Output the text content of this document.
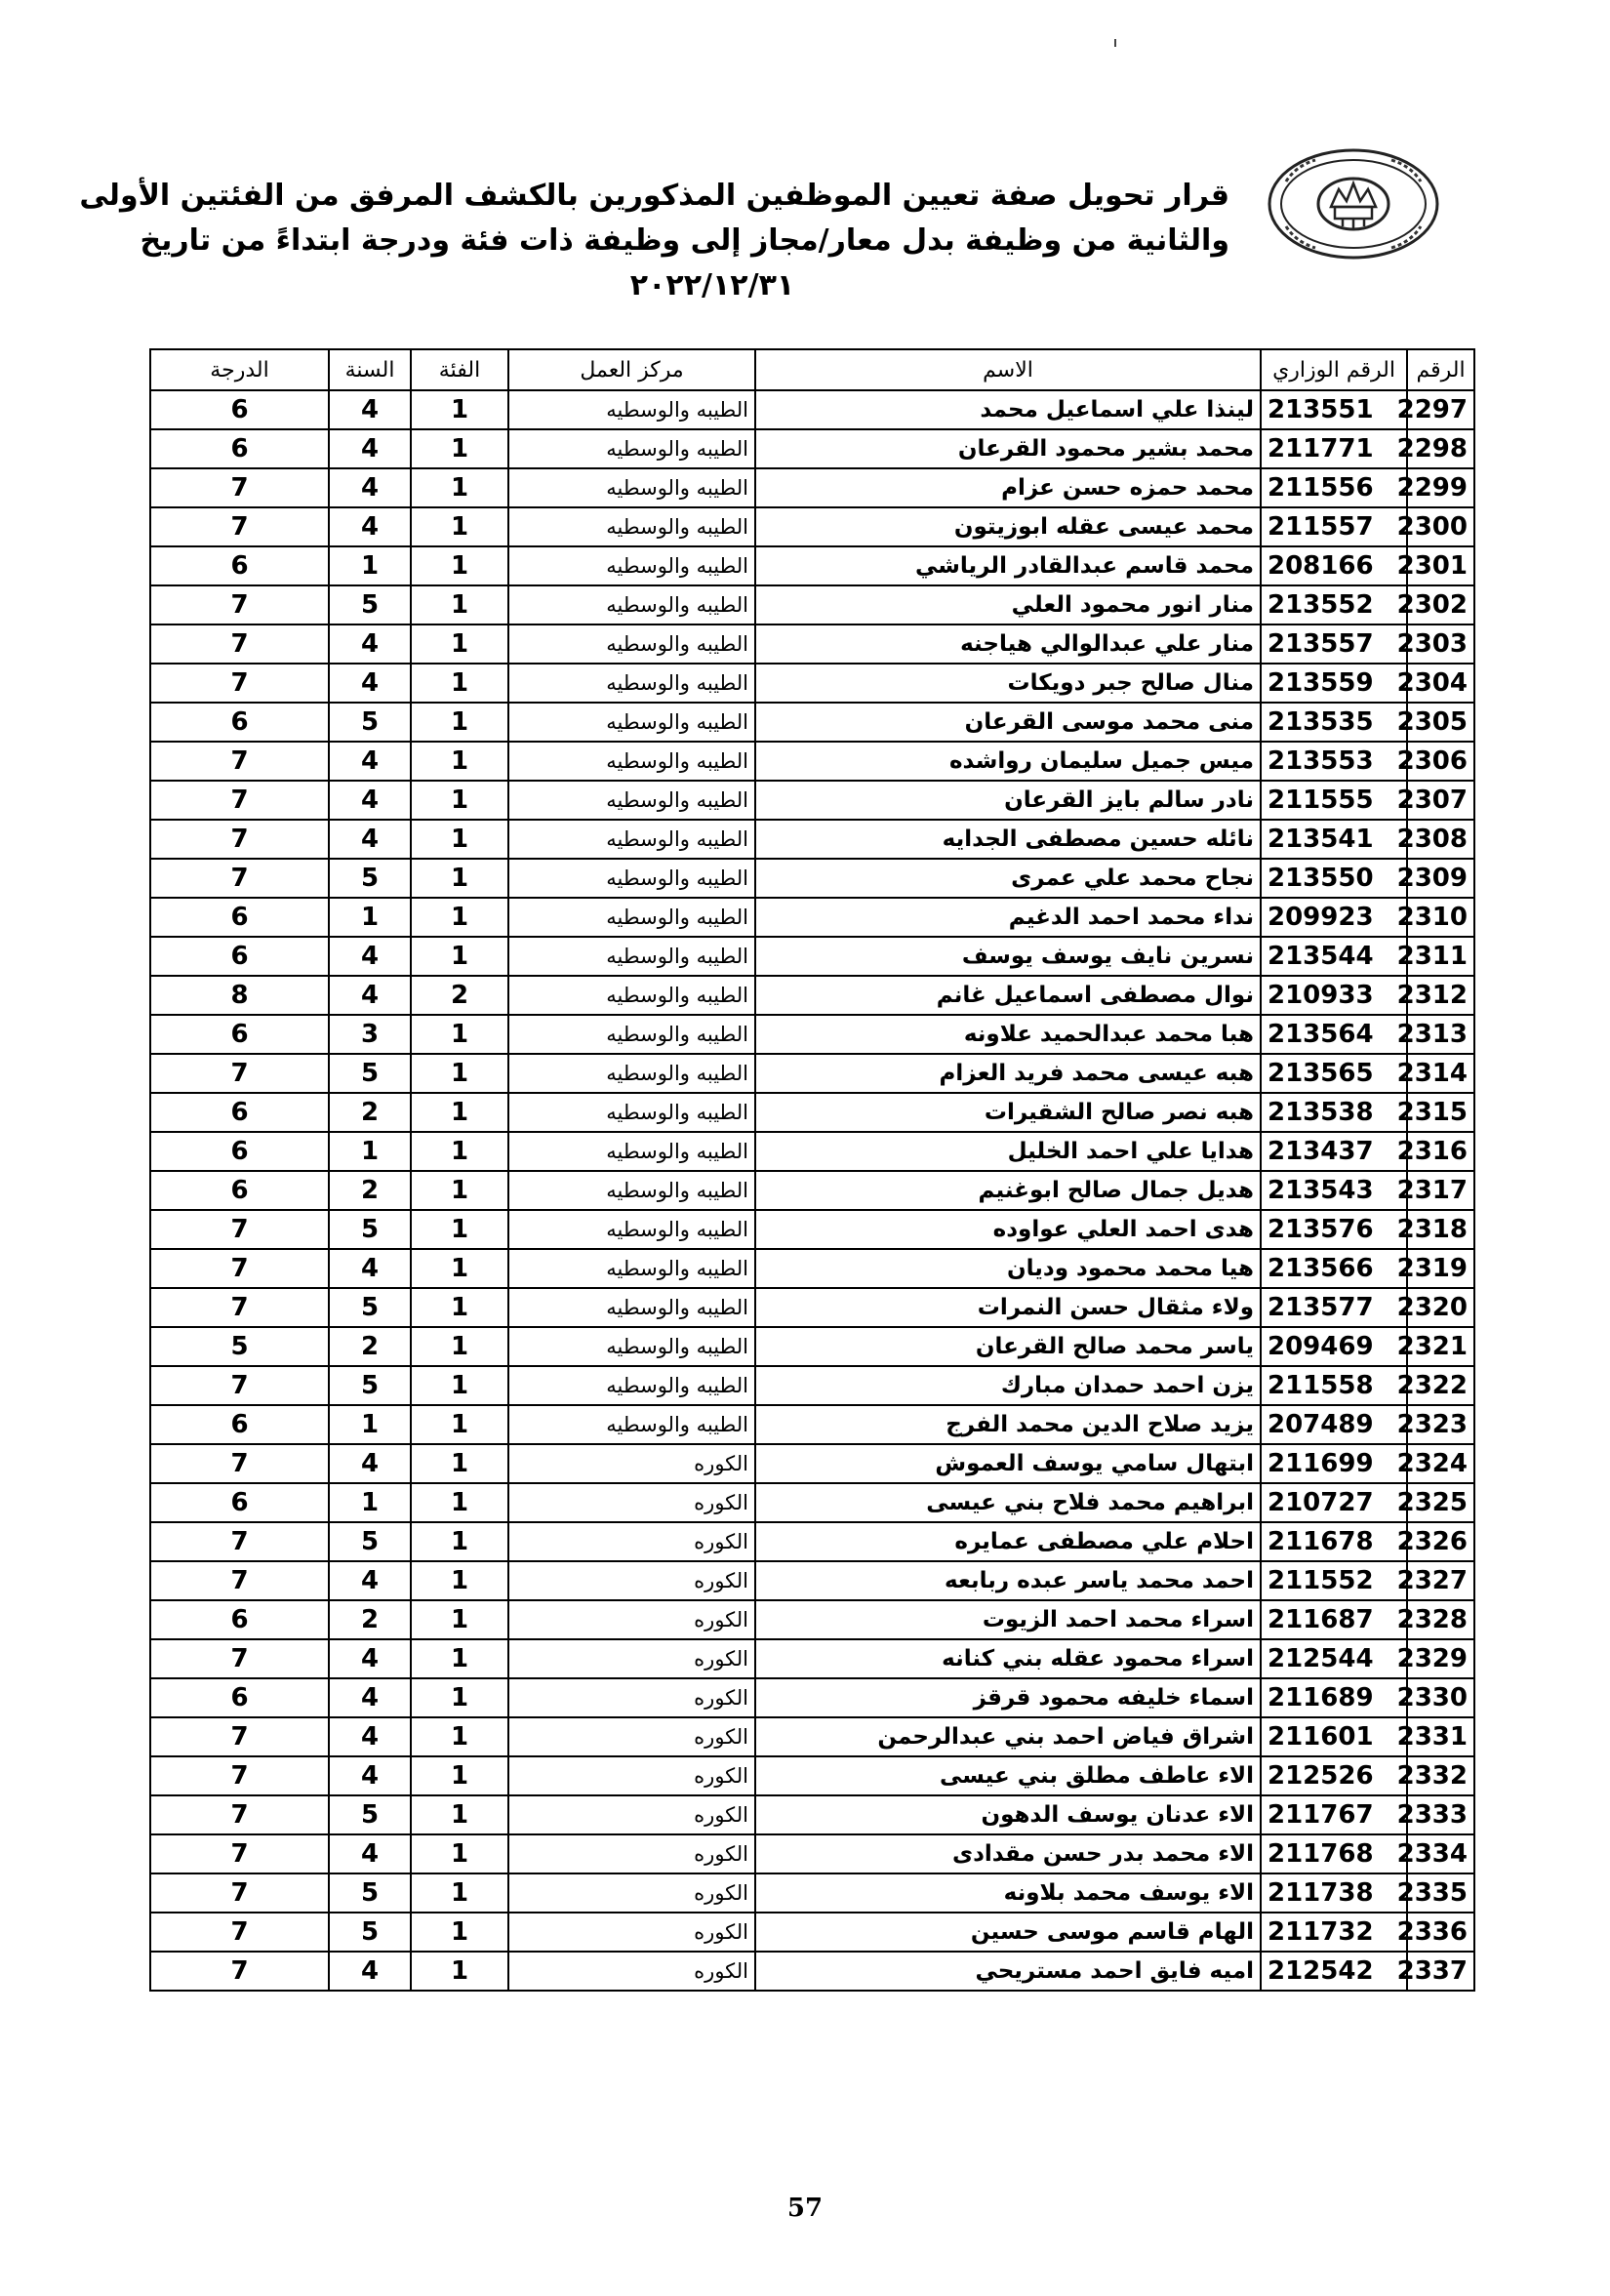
قرار تحويل صفة تعيين الموظفين المذكورين بالكشف المرفق من الفئتين الأولى
والثانية من وظيفة بدل معار/مجاز إلى وظيفة ذات فئة ودرجة ابتداءً من تاريخ
٢٠٢٢/١٢/٣١
الرقم	الرقم الوزاري	الاسم	مركز العمل	الفئة	السنة	الدرجة
2297	213551	لينذا علي اسماعيل محمد	الطيبه والوسطيه	1	4	6
2298	211771	محمد بشير محمود القرعان	الطيبه والوسطيه	1	4	6
2299	211556	محمد حمزه حسن عزام	الطيبه والوسطيه	1	4	7
2300	211557	محمد عيسى عقله ابوزيتون	الطيبه والوسطيه	1	4	7
2301	208166	محمد قاسم عبدالقادر الرياشي	الطيبه والوسطيه	1	1	6
2302	213552	منار انور محمود العلي	الطيبه والوسطيه	1	5	7
2303	213557	منار علي عبدالوالي هياجنه	الطيبه والوسطيه	1	4	7
2304	213559	منال صالح جبر دويكات	الطيبه والوسطيه	1	4	7
2305	213535	منى محمد موسى القرعان	الطيبه والوسطيه	1	5	6
2306	213553	ميس جميل سليمان رواشده	الطيبه والوسطيه	1	4	7
2307	211555	نادر سالم بايز القرعان	الطيبه والوسطيه	1	4	7
2308	213541	نائله حسين مصطفى الجدايه	الطيبه والوسطيه	1	4	7
2309	213550	نجاح محمد علي عمرى	الطيبه والوسطيه	1	5	7
2310	209923	نداء محمد احمد الدغيم	الطيبه والوسطيه	1	1	6
2311	213544	نسرين نايف يوسف يوسف	الطيبه والوسطيه	1	4	6
2312	210933	نوال مصطفى اسماعيل غانم	الطيبه والوسطيه	2	4	8
2313	213564	هبا محمد عبدالحميد علاونه	الطيبه والوسطيه	1	3	6
2314	213565	هبه عيسى محمد فريد العزام	الطيبه والوسطيه	1	5	7
2315	213538	هبه نصر صالح الشقيرات	الطيبه والوسطيه	1	2	6
2316	213437	هدايا علي احمد الخليل	الطيبه والوسطيه	1	1	6
2317	213543	هديل جمال صالح ابوغنيم	الطيبه والوسطيه	1	2	6
2318	213576	هدى احمد العلي عواوده	الطيبه والوسطيه	1	5	7
2319	213566	هيا محمد محمود وديان	الطيبه والوسطيه	1	4	7
2320	213577	ولاء مثقال حسن النمرات	الطيبه والوسطيه	1	5	7
2321	209469	ياسر محمد صالح القرعان	الطيبه والوسطيه	1	2	5
2322	211558	يزن احمد حمدان مبارك	الطيبه والوسطيه	1	5	7
2323	207489	يزيد صلاح الدين محمد الفرج	الطيبه والوسطيه	1	1	6
2324	211699	ابتهال سامي يوسف العموش	الكوره	1	4	7
2325	210727	ابراهيم محمد فلاح بني عيسى	الكوره	1	1	6
2326	211678	احلام علي مصطفى عمايره	الكوره	1	5	7
2327	211552	احمد محمد ياسر عبده ربابعه	الكوره	1	4	7
2328	211687	اسراء محمد احمد الزيوت	الكوره	1	2	6
2329	212544	اسراء محمود عقله بني كنانه	الكوره	1	4	7
2330	211689	اسماء خليفه محمود قرقز	الكوره	1	4	6
2331	211601	اشراق فياض احمد بني عبدالرحمن	الكوره	1	4	7
2332	212526	الاء عاطف مطلق بني عيسى	الكوره	1	4	7
2333	211767	الاء عدنان يوسف الدهون	الكوره	1	5	7
2334	211768	الاء محمد بدر حسن مقدادى	الكوره	1	4	7
2335	211738	الاء يوسف محمد بلاونه	الكوره	1	5	7
2336	211732	الهام قاسم موسى حسين	الكوره	1	5	7
2337	212542	اميه فايق احمد مستريحي	الكوره	1	4	7
57
